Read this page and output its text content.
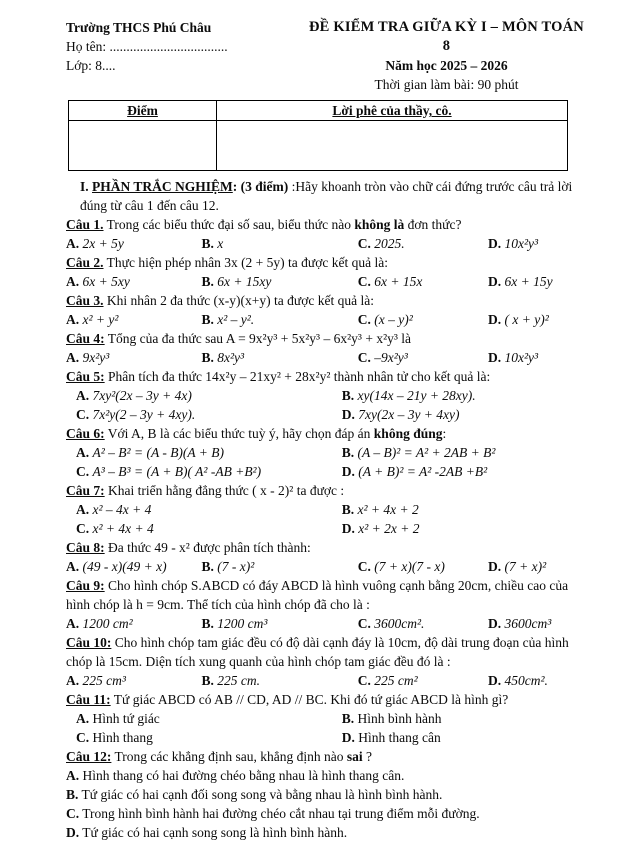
Trường THCS Phú Châu

Họ tên: ...................................

Lớp: 8....

ĐỀ KIỂM TRA GIỮA KỲ I – MÔN TOÁN 8

Năm học 2025 – 2026

Thời gian làm bài: 90 phút

Điểm	Lời phê của thầy, cô.

I. PHẦN TRẮC NGHIỆM: (3 điểm) :Hãy khoanh tròn vào chữ cái đứng trước câu trả lời đúng từ câu 1 đến câu 12.

Câu 1. Trong các biểu thức đại số sau, biểu thức nào không là đơn thức?

A. 2x + 5y	B. x	C. 2025.	D. 10x²y³

Câu 2. Thực hiện phép nhân 3x (2 + 5y) ta được kết quả là:

A. 6x + 5xy	B. 6x + 15xy	C. 6x + 15x	D. 6x + 15y

Câu 3. Khi nhân 2 đa thức (x-y)(x+y) ta được kết quả là:

A. x² + y²	B. x² – y².	C. (x – y)²	D. ( x + y)²

Câu 4: Tổng của đa thức sau A = 9x²y³ + 5x²y³ – 6x²y³ + x²y³ là

A. 9x²y³	B. 8x²y³	C. –9x²y³	D. 10x²y³

Câu 5: Phân tích đa thức 14x²y – 21xy² + 28x²y² thành nhân tử cho kết quả là:

A. 7xy²(2x – 3y + 4x)	B. xy(14x – 21y + 28xy).
C. 7x²y(2 – 3y + 4xy).	D. 7xy(2x – 3y + 4xy)

Câu 6: Với A, B là các biểu thức tuỳ ý, hãy chọn đáp án không đúng:

A. A² – B² = (A - B)(A + B)	B. (A – B)² = A² + 2AB + B²
C. A³ – B³ = (A + B)( A² -AB +B²)	D. (A + B)² = A² -2AB +B²

Câu 7: Khai triển hằng đẳng thức ( x - 2)² ta được :

A. x² – 4x + 4	B. x² + 4x + 2
C. x² + 4x + 4	D. x² + 2x + 2

Câu 8: Đa thức 49 - x² được phân tích thành:

A. (49 - x)(49 + x)	B. (7 - x)²	C. (7 + x)(7 - x)	D. (7 + x)²

Câu 9: Cho hình chóp S.ABCD có đáy ABCD là hình vuông cạnh bằng 20cm, chiều cao của hình chóp là h = 9cm. Thể tích của hình chóp đã cho là :

A. 1200 cm²	B. 1200 cm³	C. 3600cm².	D. 3600cm³

Câu 10: Cho hình chóp tam giác đều có độ dài cạnh đáy là 10cm, độ dài trung đoạn của hình chóp là 15cm. Diện tích xung quanh của hình chóp tam giác đều đó là :

A. 225 cm³	B. 225 cm.	C. 225 cm²	D. 450cm².

Câu 11: Tứ giác ABCD có AB // CD, AD // BC. Khi đó tứ giác ABCD là hình gì?

A. Hình tứ giác	B. Hình bình hành
C. Hình thang	D. Hình thang cân

Câu 12: Trong các khẳng định sau, khẳng định nào sai ?

A. Hình thang có hai đường chéo bằng nhau là hình thang cân.
B. Tứ giác có hai cạnh đối song song và bằng nhau là hình bình hành.
C. Trong hình bình hành hai đường chéo cắt nhau tại trung điểm mỗi đường.
D. Tứ giác có hai cạnh song song là hình bình hành.
